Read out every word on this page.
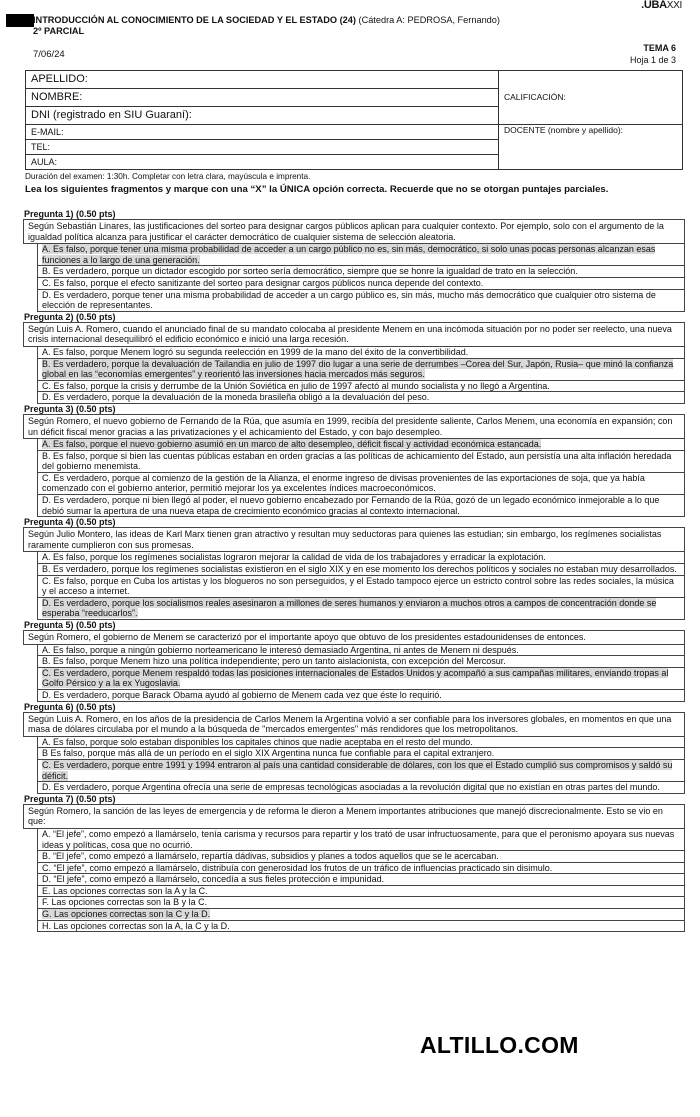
.UBAXXI
INTRODUCCIÓN AL CONOCIMIENTO DE LA SOCIEDAD Y EL ESTADO (24) (Cátedra A: PEDROSA, Fernando)
2º PARCIAL
7/06/24
TEMA 6
Hoja 1 de 3
APELLIDO:	CALIFICACIÓN:
NOMBRE:	
DNI (registrado en SIU Guaraní):	
E-MAIL:	DOCENTE (nombre y apellido):
TEL:	
AULA:	
Duración del examen: 1:30h. Completar con letra clara, mayúscula e imprenta.
Lea los siguientes fragmentos y marque con una “X” la ÚNICA opción correcta. Recuerde que no se otorgan puntajes parciales.
Pregunta 1) (0.50 pts)
Según Sebastián Linares, las justificaciones del sorteo para designar cargos públicos aplican para cualquier contexto. Por ejemplo, solo con el argumento de la igualdad política alcanza para justificar el carácter democrático de cualquier sistema de selección aleatoria.
A. Es falso, porque tener una misma probabilidad de acceder a un cargo público no es, sin más, democrático, si solo unas pocas personas alcanzan esas funciones a lo largo de una generación.
B. Es verdadero, porque un dictador escogido por sorteo sería democrático, siempre que se honre la igualdad de trato en la selección.
C. Es falso, porque el efecto sanitizante del sorteo para designar cargos públicos nunca depende del contexto.
D. Es verdadero, porque tener una misma probabilidad de acceder a un cargo público es, sin más, mucho más democrático que cualquier otro sistema de elección de representantes.
Pregunta 2) (0.50 pts)
Según Luis A. Romero, cuando el anunciado final de su mandato colocaba al presidente Menem en una incómoda situación por no poder ser reelecto, una nueva crisis internacional desequilibró el edificio económico e inició una larga recesión.
A. Es falso, porque Menem logró su segunda reelección en 1999 de la mano del éxito de la convertibilidad.
B. Es verdadero, porque la devaluación de Tailandia en julio de 1997 dio lugar a una serie de derrumbes –Corea del Sur, Japón, Rusia– que minó la confianza global en las “economías emergentes” y reorientó las inversiones hacia mercados más seguros.
C. Es falso, porque la crisis y derrumbe de la Unión Soviética en julio de 1997 afectó al mundo socialista y no llegó a Argentina.
D. Es verdadero, porque la devaluación de la moneda brasileña obligó a la devaluación del peso.
Pregunta 3) (0.50 pts)
Según Romero, el nuevo gobierno de Fernando de la Rúa, que asumía en 1999, recibía del presidente saliente, Carlos Menem, una economía en expansión; con un déficit fiscal menor gracias a las privatizaciones y el achicamiento del Estado, y con bajo desempleo.
A. Es falso, porque el nuevo gobierno asumió en un marco de alto desempleo, déficit fiscal y actividad económica estancada.
B. Es falso, porque si bien las cuentas públicas estaban en orden gracias a las políticas de achicamiento del Estado, aun persistía una alta inflación heredada del gobierno menemista.
C. Es verdadero, porque al comienzo de la gestión de la Alianza, el enorme ingreso de divisas provenientes de las exportaciones de soja, que ya había comenzado con el gobierno anterior, permitió mejorar los ya excelentes índices macroeconómicos.
D. Es verdadero, porque ni bien llegó al poder, el nuevo gobierno encabezado por Fernando de la Rúa, gozó de un legado económico inmejorable a lo que debió sumar la apertura de una nueva etapa de crecimiento económico gracias al contexto internacional.
Pregunta 4) (0.50 pts)
Según Julio Montero, las ideas de Karl Marx tienen gran atractivo y resultan muy seductoras para quienes las estudian; sin embargo, los regímenes socialistas raramente cumplieron con sus promesas.
A. Es falso, porque los regímenes socialistas lograron mejorar la calidad de vida de los trabajadores y erradicar la explotación.
B. Es verdadero, porque los regímenes socialistas existieron en el siglo XIX y en ese momento los derechos políticos y sociales no estaban muy desarrollados.
C. Es falso, porque en Cuba los artistas y los blogueros no son perseguidos, y el Estado tampoco ejerce un estricto control sobre las redes sociales, la música y el acceso a internet.
D. Es verdadero, porque los socialismos reales asesinaron a millones de seres humanos y enviaron a muchos otros a campos de concentración donde se esperaba “reeducarlos”.
Pregunta 5) (0.50 pts)
Según Romero, el gobierno de Menem se caracterizó por el importante apoyo que obtuvo de los presidentes estadounidenses de entonces.
A. Es falso, porque a ningún gobierno norteamericano le interesó demasiado Argentina, ni antes de Menem ni después.
B. Es falso, porque Menem hizo una política independiente; pero un tanto aislacionista, con excepción del Mercosur.
C. Es verdadero, porque Menem respaldó todas las posiciones internacionales de Estados Unidos y acompañó a sus campañas militares, enviando tropas al Golfo Pérsico y a la ex Yugoslavia.
D. Es verdadero, porque Barack Obama ayudó al gobierno de Menem cada vez que éste lo requirió.
Pregunta 6) (0.50 pts)
Según Luis A. Romero, en los años de la presidencia de Carlos Menem la Argentina volvió a ser confiable para los inversores globales, en momentos en que una masa de dólares circulaba por el mundo a la búsqueda de "mercados emergentes" más rendidores que los metropolitanos.
A. Es falso, porque solo estaban disponibles los capitales chinos que nadie aceptaba en el resto del mundo.
B Es falso, porque más allá de un período en el siglo XIX Argentina nunca fue confiable para el capital extranjero.
C. Es verdadero, porque entre 1991 y 1994 entraron al país una cantidad considerable de dólares, con los que el Estado cumplió sus compromisos y saldó su déficit.
D. Es verdadero, porque Argentina ofrecía una serie de empresas tecnológicas asociadas a la revolución digital que no existían en otras partes del mundo.
Pregunta 7) (0.50 pts)
Según Romero, la sanción de las leyes de emergencia y de reforma le dieron a Menem importantes atribuciones que manejó discrecionalmente. Esto se vio en que:
A. “El jefe”, como empezó a llamárselo, tenía carisma y recursos para repartir y los trató de usar infructuosamente, para que el peronismo apoyara sus nuevas ideas y políticas, cosa que no ocurrió.
B. “El jefe”, como empezó a llamárselo, repartía dádivas, subsidios y planes a todos aquellos que se le acercaban.
C. “El jefe”, como empezó a llamárselo, distribuía con generosidad los frutos de un tráfico de influencias practicado sin disimulo.
D. “El jefe”, como empezó a llamárselo, concedía a sus fieles protección e impunidad.
E. Las opciones correctas son la A y la C.
F. Las opciones correctas son la B y la C.
G. Las opciones correctas son la C y la D.
H. Las opciones correctas son la A, la C y la D.
ALTILLO.COM
